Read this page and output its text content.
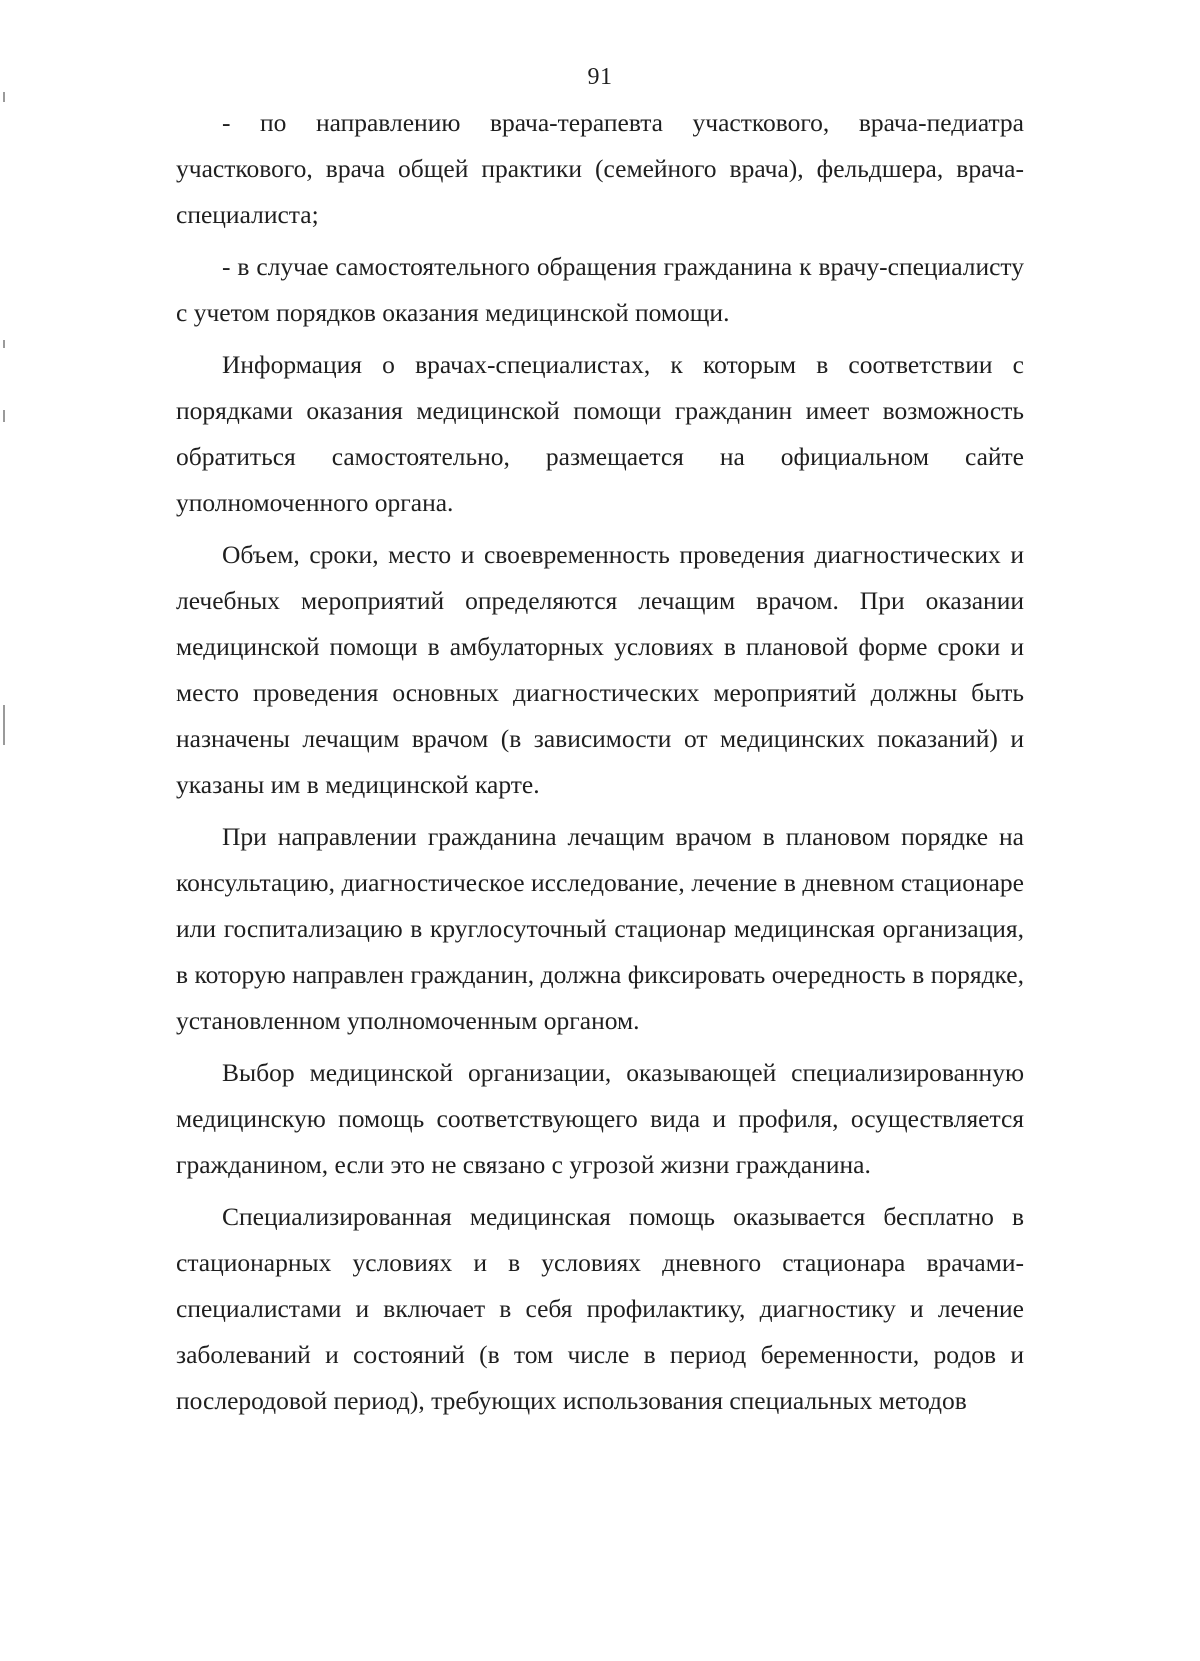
91

- по направлению врача-терапевта участкового, врача-педиатра участкового, врача общей практики (семейного врача), фельдшера, врача-специалиста;

- в случае самостоятельного обращения гражданина к врачу-специалисту с учетом порядков оказания медицинской помощи.

Информация о врачах-специалистах, к которым в соответствии с порядками оказания медицинской помощи гражданин имеет возможность обратиться самостоятельно, размещается на официальном сайте уполномоченного органа.

Объем, сроки, место и своевременность проведения диагностических и лечебных мероприятий определяются лечащим врачом. При оказании медицинской помощи в амбулаторных условиях в плановой форме сроки и место проведения основных диагностических мероприятий должны быть назначены лечащим врачом (в зависимости от медицинских показаний) и указаны им в медицинской карте.

При направлении гражданина лечащим врачом в плановом порядке на консультацию, диагностическое исследование, лечение в дневном стационаре или госпитализацию в круглосуточный стационар медицинская организация, в которую направлен гражданин, должна фиксировать очередность в порядке, установленном уполномоченным органом.

Выбор медицинской организации, оказывающей специализированную медицинскую помощь соответствующего вида и профиля, осуществляется гражданином, если это не связано с угрозой жизни гражданина.

Специализированная медицинская помощь оказывается бесплатно в стационарных условиях и в условиях дневного стационара врачами-специалистами и включает в себя профилактику, диагностику и лечение заболеваний и состояний (в том числе в период беременности, родов и послеродовой период), требующих использования специальных методов
